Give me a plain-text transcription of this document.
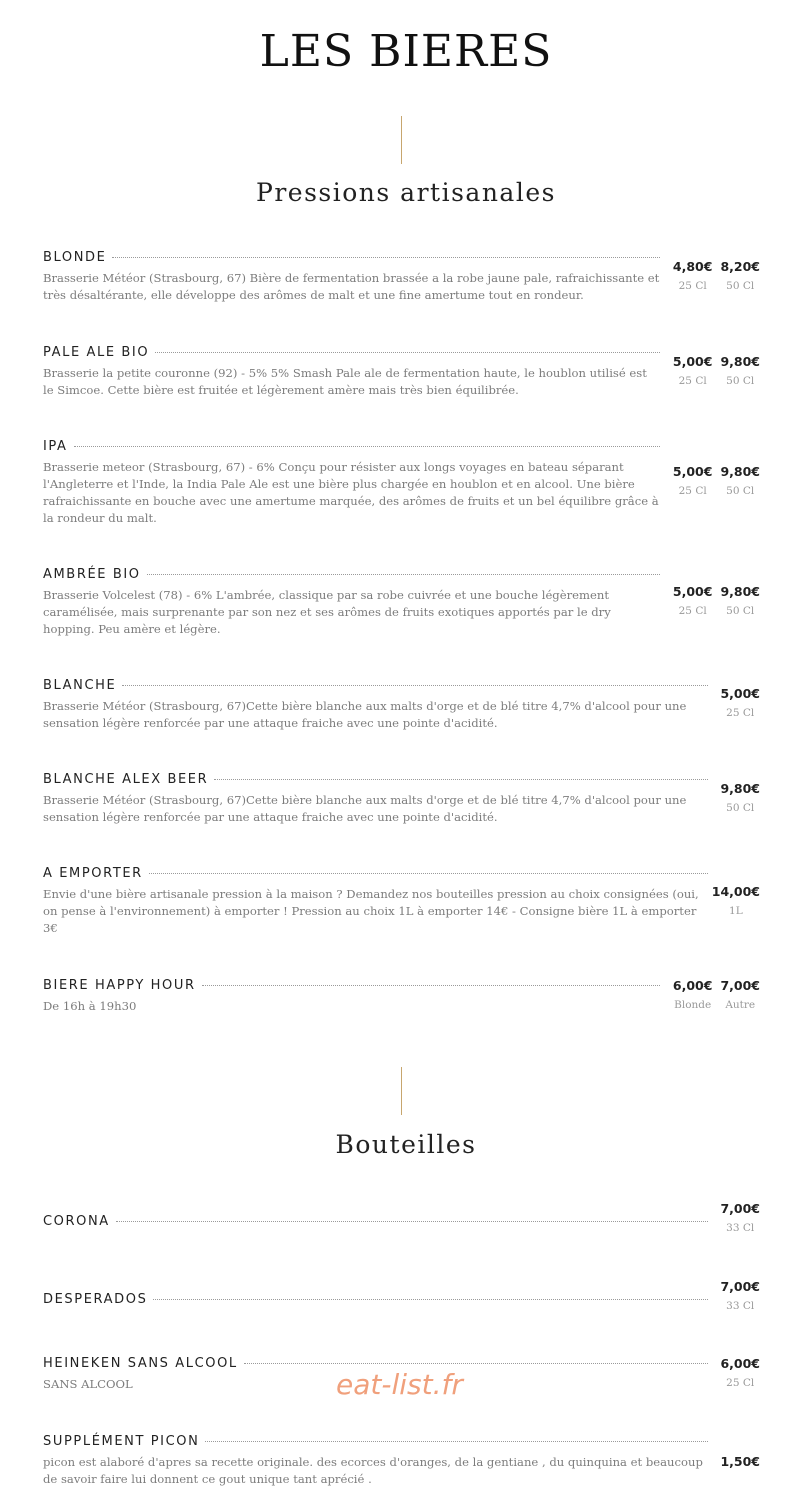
LES BIERES
Pressions artisanales
BLONDE

Brasserie Météor (Strasbourg, 67) Bière de fermentation brassée a la robe jaune pale, rafraichissante et très désaltérante, elle développe des arômes de malt et une fine amertume tout en rondeur.

4,80€
25 Cl
8,20€
50 Cl
PALE ALE BIO

Brasserie la petite couronne (92) - 5% 5% Smash Pale ale de fermentation haute, le houblon utilisé est le Simcoe. Cette bière est fruitée et légèrement amère mais très bien équilibrée.

5,00€
25 Cl
9,80€
50 Cl
IPA

Brasserie meteor (Strasbourg, 67) - 6% Conçu pour résister aux longs voyages en bateau séparant l'Angleterre et l'Inde, la India Pale Ale est une bière plus chargée en houblon et en alcool. Une bière rafraichissante en bouche avec une amertume marquée, des arômes de fruits et un bel équilibre grâce à la rondeur du malt.

5,00€
25 Cl
9,80€
50 Cl
AMBRÉE BIO

Brasserie Volcelest (78) - 6% L'ambrée, classique par sa robe cuivrée et une bouche légèrement caramélisée, mais surprenante par son nez et ses arômes de fruits exotiques apportés par le dry hopping. Peu amère et légère.

5,00€
25 Cl
9,80€
50 Cl
BLANCHE

Brasserie Météor (Strasbourg, 67)Cette bière blanche aux malts d'orge et de blé titre 4,7% d'alcool pour une sensation légère renforcée par une attaque fraiche avec une pointe d'acidité.

5,00€
25 Cl
BLANCHE ALEX BEER

Brasserie Météor (Strasbourg, 67)Cette bière blanche aux malts d'orge et de blé titre 4,7% d'alcool pour une sensation légère renforcée par une attaque fraiche avec une pointe d'acidité.

9,80€
50 Cl
A EMPORTER

Envie d'une bière artisanale pression à la maison ? Demandez nos bouteilles pression au choix consignées (oui, on pense à l'environnement) à emporter ! Pression au choix 1L à emporter 14€ - Consigne bière 1L à emporter 3€

14,00€
1L
BIERE HAPPY HOUR

De 16h à 19h30

6,00€
Blonde
7,00€
Autre
Bouteilles
CORONA
7,00€
33 Cl
DESPERADOS
7,00€
33 Cl
HEINEKEN SANS ALCOOL

SANS ALCOOL

6,00€
25 Cl
SUPPLÉMENT PICON

picon est alaboré d'apres sa recette originale. des ecorces d'oranges, de la gentiane , du quinquina et beaucoup de savoir faire lui donnent ce gout unique tant aprécié .

1,50€
eat-list.fr
